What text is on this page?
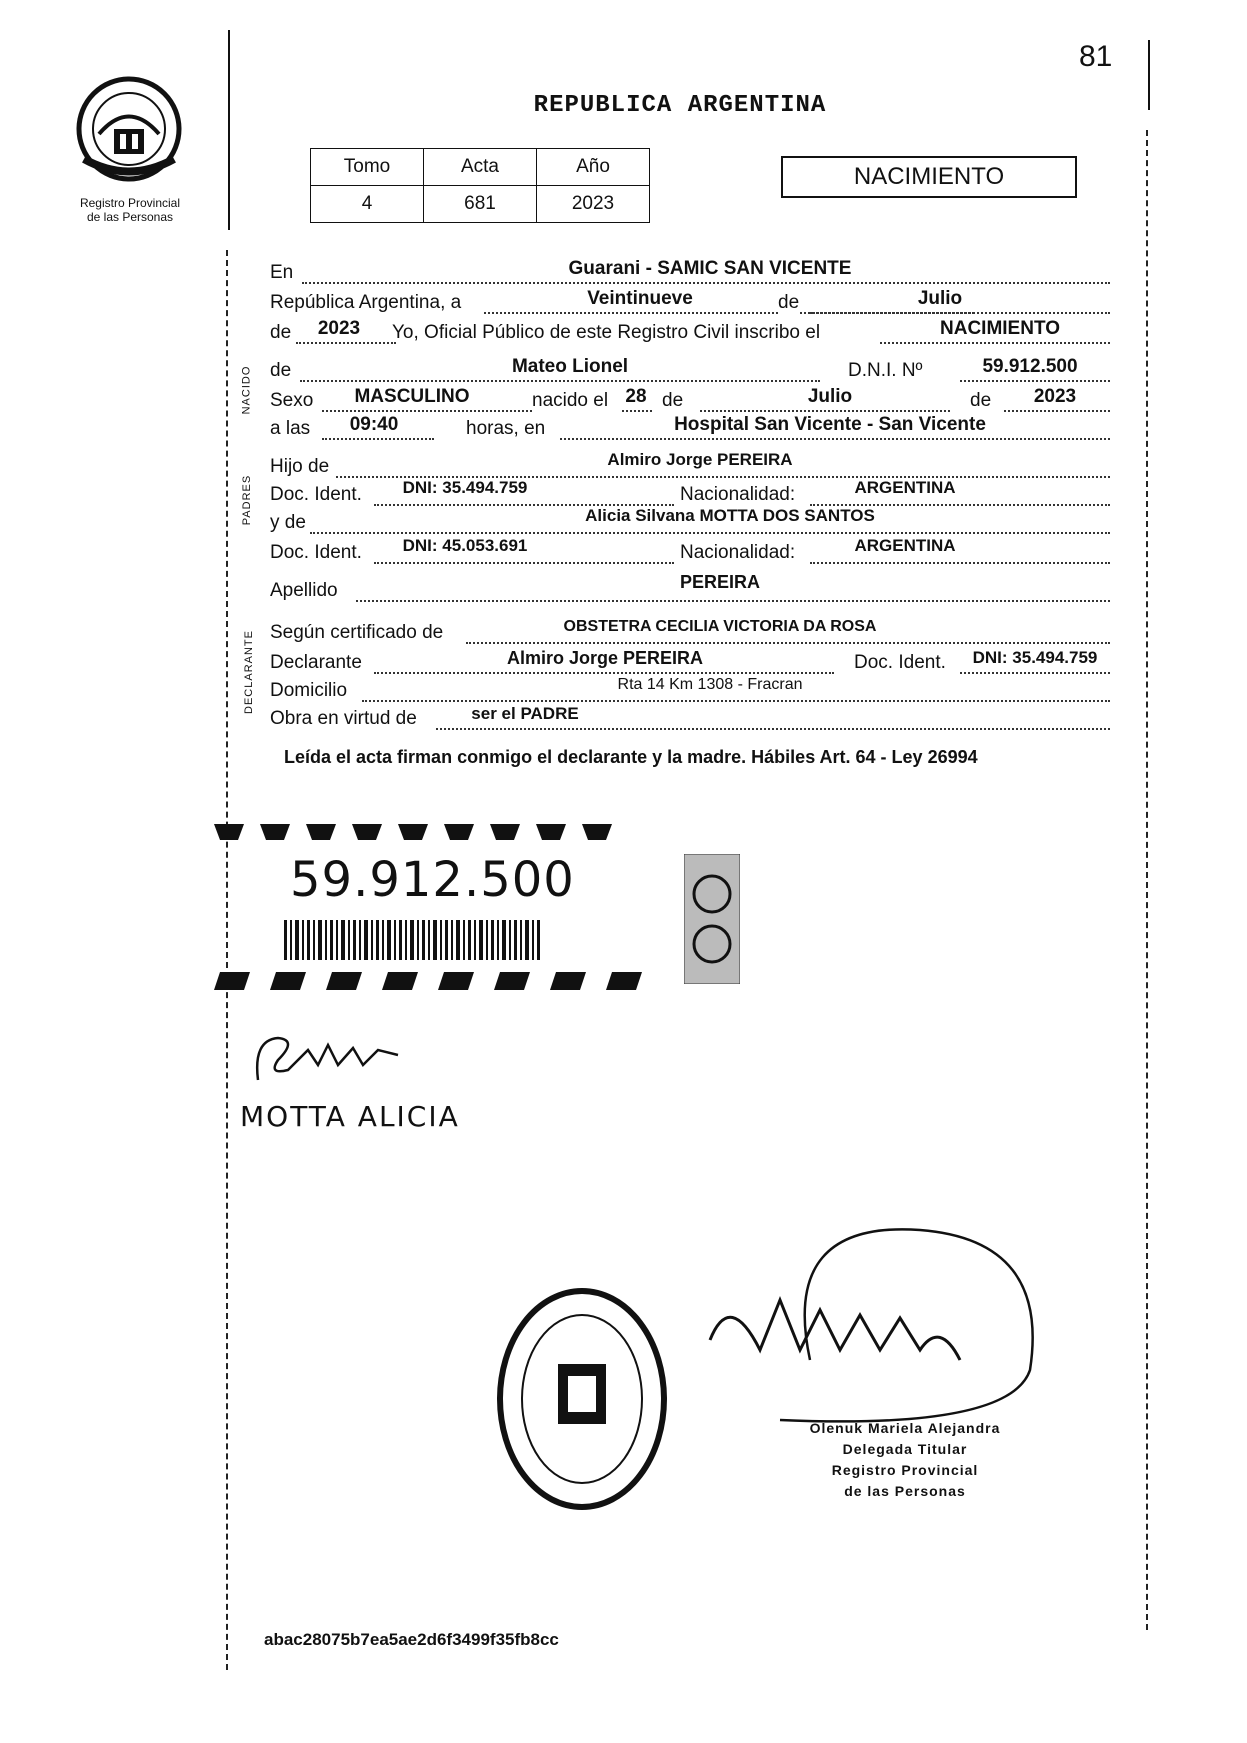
81
Registro Provincial
de las Personas
REPUBLICA ARGENTINA
Tomo	Acta	Año
4	681	2023
NACIMIENTO
NACIDO
PADRES
DECLARANTE
En	Guarani - SAMIC SAN VICENTE
República Argentina, a	Veintinueve	de	Julio
de	2023	Yo, Oficial Público de este Registro Civil inscribo el	NACIMIENTO
de	Mateo Lionel	D.N.I. Nº	59.912.500
Sexo	MASCULINO	nacido el 28 de	Julio	de	2023
a las	09:40	horas, en	Hospital San Vicente - San Vicente
Hijo de	Almiro Jorge PEREIRA
Doc. Ident.	DNI: 35.494.759	Nacionalidad:	ARGENTINA
y de	Alicia Silvana MOTTA DOS SANTOS
Doc. Ident.	DNI: 45.053.691	Nacionalidad:	ARGENTINA
Apellido	PEREIRA
Según certificado de	OBSTETRA CECILIA VICTORIA DA ROSA
Declarante	Almiro Jorge PEREIRA	Doc. Ident.	DNI: 35.494.759
Domicilio	Rta 14 Km 1308 - Fracran
Obra en virtud de	ser el PADRE
Leída el acta firman conmigo el declarante y la madre. Hábiles Art. 64 - Ley 26994
59.912.500
MOTTA ALICIA
Olenuk Mariela Alejandra
Delegada Titular
Registro Provincial
de las Personas
abac28075b7ea5ae2d6f3499f35fb8cc
